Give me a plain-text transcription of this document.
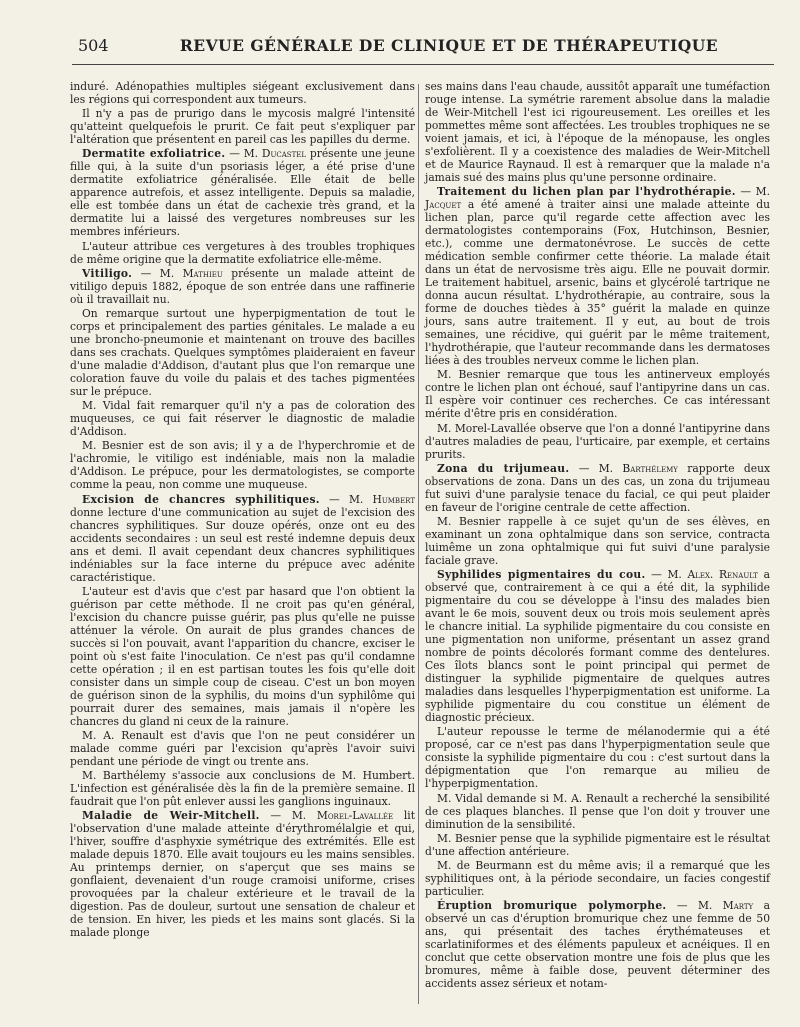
504	REVUE GÉNÉRALE DE CLINIQUE ET DE THÉRAPEUTIQUE

induré. Adénopathies multiples siégeant exclusivement dans les régions qui correspondent aux tumeurs.

Il n'y a pas de prurigo dans le mycosis malgré l'intensité qu'atteint quelquefois le prurit. Ce fait peut s'expliquer par l'altération que présentent en pareil cas les papilles du derme.

Dermatite exfoliatrice. — M. Ducastel présente une jeune fille qui, à la suite d'un psoriasis léger, a été prise d'une dermatite exfoliatrice généralisée. Elle était de belle apparence autrefois, et assez intelligente. Depuis sa maladie, elle est tombée dans un état de cachexie très grand, et la dermatite lui a laissé des vergetures nombreuses sur les membres inférieurs.

L'auteur attribue ces vergetures à des troubles trophiques de même origine que la dermatite exfoliatrice elle-même.

Vitiligo. — M. Mathieu présente un malade atteint de vitiligo depuis 1882, époque de son entrée dans une raffinerie où il travaillait nu.

On remarque surtout une hyperpigmentation de tout le corps et principalement des parties génitales. Le malade a eu une broncho-pneumonie et maintenant on trouve des bacilles dans ses crachats. Quelques symptômes plaideraient en faveur d'une maladie d'Addison, d'autant plus que l'on remarque une coloration fauve du voile du palais et des taches pigmentées sur le prépuce.

M. Vidal fait remarquer qu'il n'y a pas de coloration des muqueuses, ce qui fait réserver le diagnostic de maladie d'Addison.

M. Besnier est de son avis; il y a de l'hyperchromie et de l'achromie, le vitiligo est indéniable, mais non la maladie d'Addison. Le prépuce, pour les dermatologistes, se comporte comme la peau, non comme une muqueuse.

Excision de chancres syphilitiques. — M. Humbert donne lecture d'une communication au sujet de l'excision des chancres syphilitiques. Sur douze opérés, onze ont eu des accidents secondaires : un seul est resté indemne depuis deux ans et demi. Il avait cependant deux chancres syphilitiques indéniables sur la face interne du prépuce avec adénite caractéristique.

L'auteur est d'avis que c'est par hasard que l'on obtient la guérison par cette méthode. Il ne croit pas qu'en général, l'excision du chancre puisse guérir, pas plus qu'elle ne puisse atténuer la vérole. On aurait de plus grandes chances de succès si l'on pouvait, avant l'apparition du chancre, exciser le point où s'est faite l'inoculation. Ce n'est pas qu'il condamne cette opération ; il en est partisan toutes les fois qu'elle doit consister dans un simple coup de ciseau. C'est un bon moyen de guérison sinon de la syphilis, du moins d'un syphilôme qui pourrait durer des semaines, mais jamais il n'opère les chancres du gland ni ceux de la rainure.

M. A. Renault est d'avis que l'on ne peut considérer un malade comme guéri par l'excision qu'après l'avoir suivi pendant une période de vingt ou trente ans.

M. Barthélemy s'associe aux conclusions de M. Humbert. L'infection est généralisée dès la fin de la première semaine. Il faudrait que l'on pût enlever aussi les ganglions inguinaux.

Maladie de Weir-Mitchell. — M. Morel-Lavallée lit l'observation d'une malade atteinte d'érythromélalgie et qui, l'hiver, souffre d'asphyxie symétrique des extrémités. Elle est malade depuis 1870. Elle avait toujours eu les mains sensibles. Au printemps dernier, on s'aperçut que ses mains se gonflaient, devenaient d'un rouge cramoisi uniforme, crises provoquées par la chaleur extérieure et le travail de la digestion. Pas de douleur, surtout une sensation de chaleur et de tension. En hiver, les pieds et les mains sont glacés. Si la malade plonge

ses mains dans l'eau chaude, aussitôt apparaît une tuméfaction rouge intense. La symétrie rarement absolue dans la maladie de Weir-Mitchell l'est ici rigoureusement. Les oreilles et les pommettes même sont affectées. Les troubles trophiques ne se voient jamais, et ici, à l'époque de la ménopause, les ongles s'exfolièrent. Il y a coexistence des maladies de Weir-Mitchell et de Maurice Raynaud. Il est à remarquer que la malade n'a jamais sué des mains plus qu'une personne ordinaire.

Traitement du lichen plan par l'hydrothérapie. — M. Jacquet a été amené à traiter ainsi une malade atteinte du lichen plan, parce qu'il regarde cette affection avec les dermatologistes contemporains (Fox, Hutchinson, Besnier, etc.), comme une dermatonévrose. Le succès de cette médication semble confirmer cette théorie. La malade était dans un état de nervosisme très aigu. Elle ne pouvait dormir. Le traitement habituel, arsenic, bains et glycérolé tartrique ne donna aucun résultat. L'hydrothérapie, au contraire, sous la forme de douches tièdes à 35° guérit la malade en quinze jours, sans autre traitement. Il y eut, au bout de trois semaines, une récidive, qui guérit par le même traitement, l'hydrothérapie, que l'auteur recommande dans les dermatoses liées à des troubles nerveux comme le lichen plan.

M. Besnier remarque que tous les antinerveux employés contre le lichen plan ont échoué, sauf l'antipyrine dans un cas. Il espère voir continuer ces recherches. Ce cas intéressant mérite d'être pris en considération.

M. Morel-Lavallée observe que l'on a donné l'antipyrine dans d'autres maladies de peau, l'urticaire, par exemple, et certains prurits.

Zona du trijumeau. — M. Barthélemy rapporte deux observations de zona. Dans un des cas, un zona du trijumeau fut suivi d'une paralysie tenace du facial, ce qui peut plaider en faveur de l'origine centrale de cette affection.

M. Besnier rappelle à ce sujet qu'un de ses élèves, en examinant un zona ophtalmique dans son service, contracta luimême un zona ophtalmique qui fut suivi d'une paralysie faciale grave.

Syphilides pigmentaires du cou. — M. Alex. Renault a observé que, contrairement à ce qui a été dit, la syphilide pigmentaire du cou se développe à l'insu des malades bien avant le 6e mois, souvent deux ou trois mois seulement après le chancre initial. La syphilide pigmentaire du cou consiste en une pigmentation non uniforme, présentant un assez grand nombre de points décolorés formant comme des dentelures. Ces îlots blancs sont le point principal qui permet de distinguer la syphilide pigmentaire de quelques autres maladies dans lesquelles l'hyperpigmentation est uniforme. La syphilide pigmentaire du cou constitue un élément de diagnostic précieux.

L'auteur repousse le terme de mélanodermie qui a été proposé, car ce n'est pas dans l'hyperpigmentation seule que consiste la syphilide pigmentaire du cou : c'est surtout dans la dépigmentation que l'on remarque au milieu de l'hyperpigmentation.

M. Vidal demande si M. A. Renault a recherché la sensibilité de ces plaques blanches. Il pense que l'on doit y trouver une diminution de la sensibilité.

M. Besnier pense que la syphilide pigmentaire est le résultat d'une affection antérieure.

M. de Beurmann est du même avis; il a remarqué que les syphilitiques ont, à la période secondaire, un facies congestif particulier.

Éruption bromurique polymorphe. — M. Marty a observé un cas d'éruption bromurique chez une femme de 50 ans, qui présentait des taches érythémateuses et scarlatiniformes et des éléments papuleux et acnéiques. Il en conclut que cette observation montre une fois de plus que les bromures, même à faible dose, peuvent déterminer des accidents assez sérieux et notam-
